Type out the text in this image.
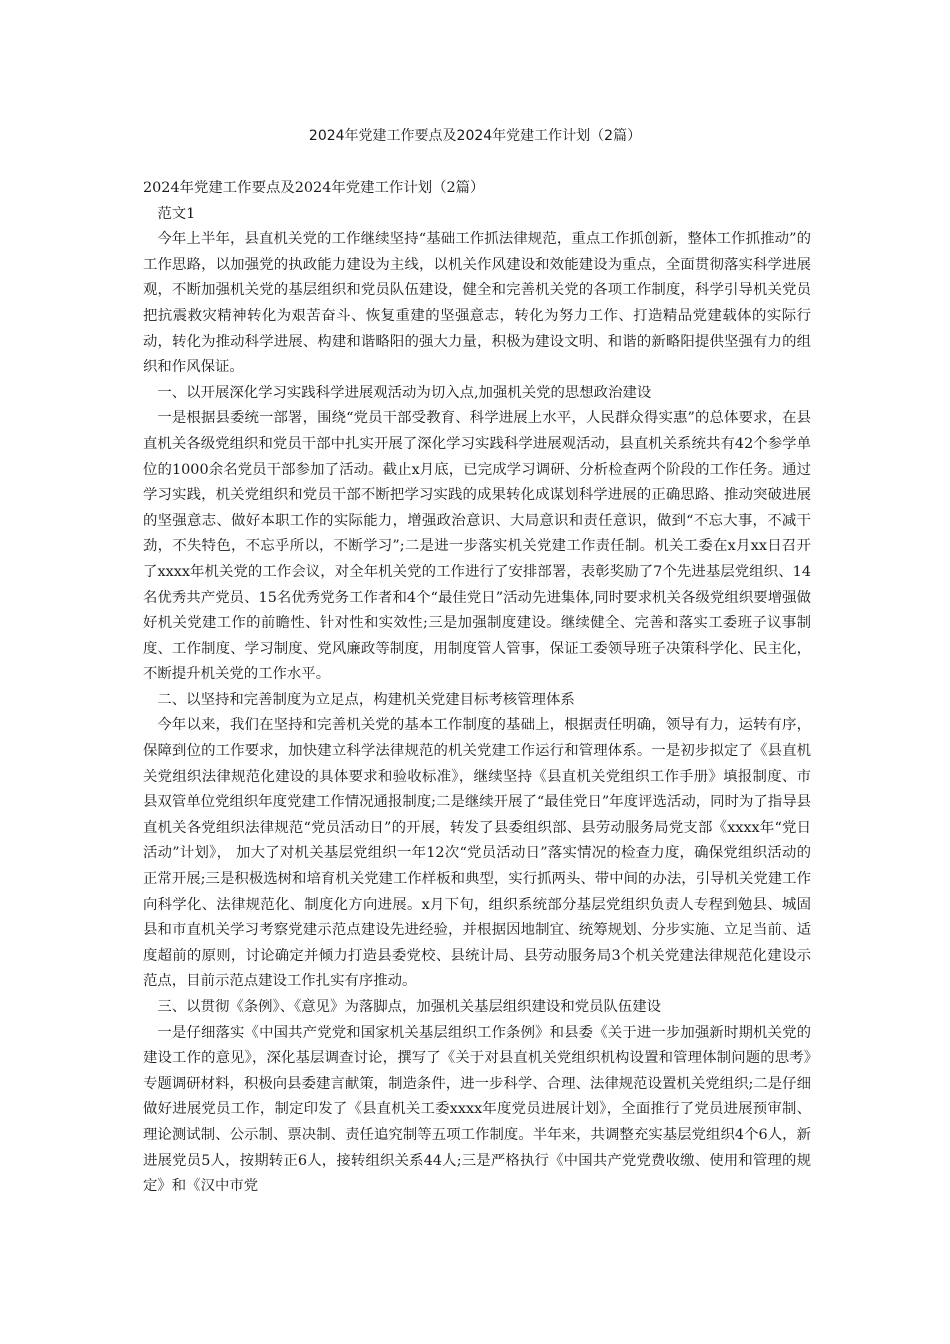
2024年党建工作要点及2024年党建工作计划（2篇）

2024年党建工作要点及2024年党建工作计划（2篇）

范文1

今年上半年，县直机关党的工作继续坚持“基础工作抓法律规范，重点工作抓创新，整体工作抓推动”的工作思路，以加强党的执政能力建设为主线，以机关作风建设和效能建设为重点，全面贯彻落实科学进展观，不断加强机关党的基层组织和党员队伍建设，健全和完善机关党的各项工作制度，科学引导机关党员把抗震救灾精神转化为艰苦奋斗、恢复重建的坚强意志，转化为努力工作、打造精品党建载体的实际行动，转化为推动科学进展、构建和谐略阳的强大力量，积极为建设文明、和谐的新略阳提供坚强有力的组织和作风保证。

一、以开展深化学习实践科学进展观活动为切入点,加强机关党的思想政治建设

一是根据县委统一部署，围绕“党员干部受教育、科学进展上水平，人民群众得实惠”的总体要求，在县直机关各级党组织和党员干部中扎实开展了深化学习实践科学进展观活动，县直机关系统共有42个参学单位的1000余名党员干部参加了活动。截止x月底，已完成学习调研、分析检查两个阶段的工作任务。通过学习实践，机关党组织和党员干部不断把学习实践的成果转化成谋划科学进展的正确思路、推动突破进展的坚强意志、做好本职工作的实际能力，增强政治意识、大局意识和责任意识，做到“不忘大事，不减干劲，不失特色，不忘乎所以，不断学习”;二是进一步落实机关党建工作责任制。机关工委在x月xx日召开了xxxx年机关党的工作会议，对全年机关党的工作进行了安排部署，表彰奖励了7个先进基层党组织、14名优秀共产党员、15名优秀党务工作者和4个“最佳党日”活动先进集体,同时要求机关各级党组织要增强做好机关党建工作的前瞻性、针对性和实效性;三是加强制度建设。继续健全、完善和落实工委班子议事制度、工作制度、学习制度、党风廉政等制度，用制度管人管事，保证工委领导班子决策科学化、民主化，不断提升机关党的工作水平。

二、以坚持和完善制度为立足点，构建机关党建目标考核管理体系

今年以来，我们在坚持和完善机关党的基本工作制度的基础上，根据责任明确，领导有力，运转有序，保障到位的工作要求，加快建立科学法律规范的机关党建工作运行和管理体系。一是初步拟定了《县直机关党组织法律规范化建设的具体要求和验收标准》，继续坚持《县直机关党组织工作手册》填报制度、市县双管单位党组织年度党建工作情况通报制度;二是继续开展了“最佳党日”年度评选活动，同时为了指导县直机关各党组织法律规范“党员活动日”的开展，转发了县委组织部、县劳动服务局党支部《xxxx年“党日活动”计划》， 加大了对机关基层党组织一年12次“党员活动日”落实情况的检查力度，确保党组织活动的正常开展;三是积极选树和培育机关党建工作样板和典型，实行抓两头、带中间的办法，引导机关党建工作向科学化、法律规范化、制度化方向进展。x月下旬，组织系统部分基层党组织负责人专程到勉县、城固县和市直机关学习考察党建示范点建设先进经验，并根据因地制宜、统筹规划、分步实施、立足当前、适度超前的原则，讨论确定并倾力打造县委党校、县统计局、县劳动服务局3个机关党建法律规范化建设示范点，目前示范点建设工作扎实有序推动。

三、以贯彻《条例》、《意见》为落脚点，加强机关基层组织建设和党员队伍建设

一是仔细落实《中国共产党党和国家机关基层组织工作条例》和县委《关于进一步加强新时期机关党的建设工作的意见》，深化基层调查讨论，撰写了《关于对县直机关党组织机构设置和管理体制问题的思考》专题调研材料，积极向县委建言献策，制造条件，进一步科学、合理、法律规范设置机关党组织;二是仔细做好进展党员工作，制定印发了《县直机关工委xxxx年度党员进展计划》，全面推行了党员进展预审制、理论测试制、公示制、票决制、责任追究制等五项工作制度。半年来，共调整充实基层党组织4个6人，新进展党员5人，按期转正6人，接转组织关系44人;三是严格执行《中国共产党党费收缴、使用和管理的规定》和《汉中市党
